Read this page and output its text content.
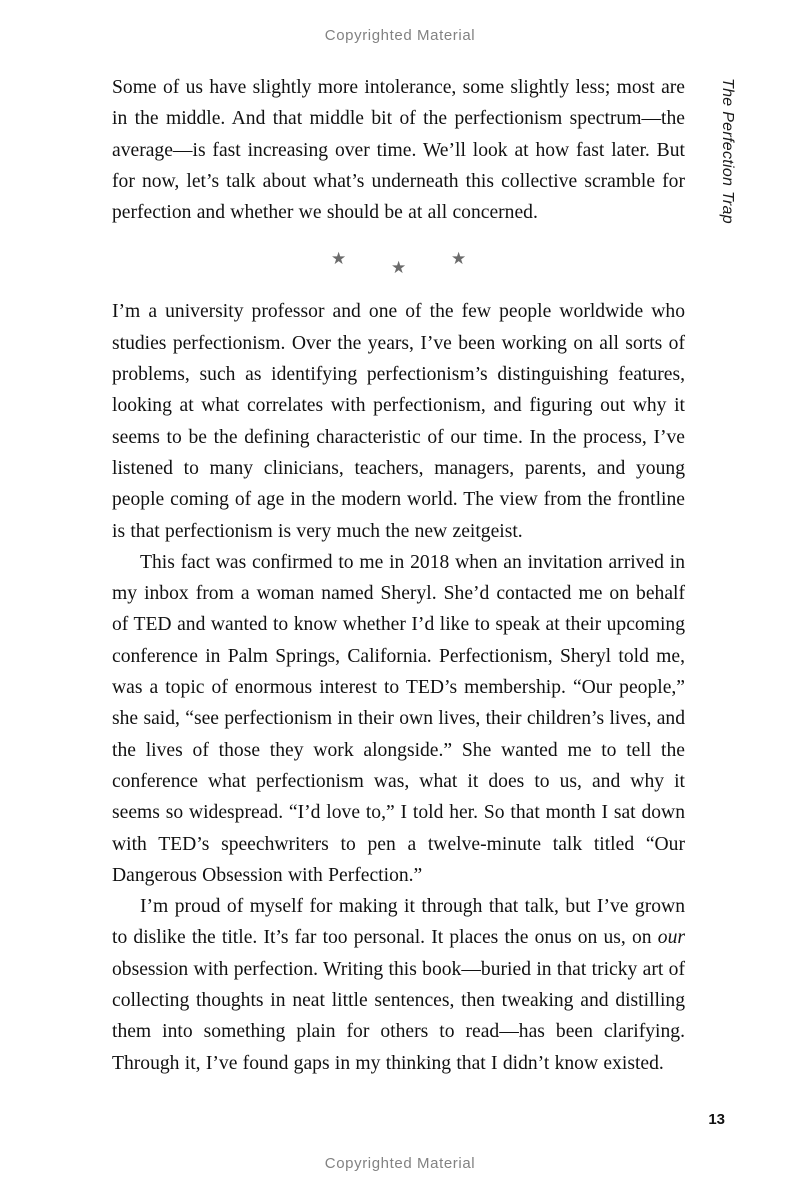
Copyrighted Material
The Perfection Trap

Some of us have slightly more intolerance, some slightly less; most are in the middle. And that middle bit of the perfectionism spectrum—the average—is fast increasing over time. We’ll look at how fast later. But for now, let’s talk about what’s underneath this collective scramble for perfection and whether we should be at all concerned.

★	★	★

I’m a university professor and one of the few people worldwide who studies perfectionism. Over the years, I’ve been working on all sorts of problems, such as identifying perfectionism’s distinguishing features, looking at what correlates with perfectionism, and figuring out why it seems to be the defining characteristic of our time. In the process, I’ve listened to many clinicians, teachers, managers, parents, and young people coming of age in the modern world. The view from the frontline is that perfectionism is very much the new zeitgeist.

This fact was confirmed to me in 2018 when an invitation arrived in my inbox from a woman named Sheryl. She’d contacted me on behalf of TED and wanted to know whether I’d like to speak at their upcoming conference in Palm Springs, California. Perfectionism, Sheryl told me, was a topic of enormous interest to TED’s membership. “Our people,” she said, “see perfectionism in their own lives, their children’s lives, and the lives of those they work alongside.” She wanted me to tell the conference what perfectionism was, what it does to us, and why it seems so widespread. “I’d love to,” I told her. So that month I sat down with TED’s speechwriters to pen a twelve-minute talk titled “Our Dangerous Obsession with Perfection.”

I’m proud of myself for making it through that talk, but I’ve grown to dislike the title. It’s far too personal. It places the onus on us, on our obsession with perfection. Writing this book—buried in that tricky art of collecting thoughts in neat little sentences, then tweaking and distilling them into something plain for others to read—has been clarifying. Through it, I’ve found gaps in my thinking that I didn’t know existed.

13
Copyrighted Material
